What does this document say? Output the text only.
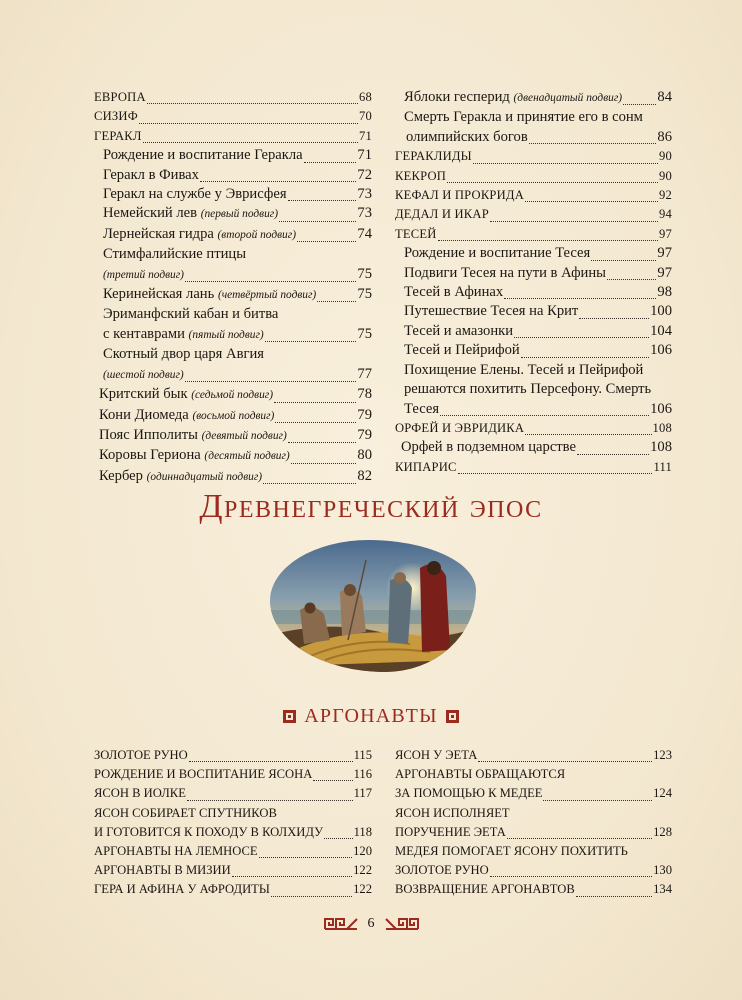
ЕВРОПА	68
СИЗИФ	70
ГЕРАКЛ	71
Рождение и воспитание Геракла	71
Геракл в Фивах	72
Геракл на службе у Эврисфея	73
Немейский лев (первый подвиг)	73
Лернейская гидра (второй подвиг)	74
Стимфалийские птицы
(третий подвиг)	75
Керинейская лань (четвёртый подвиг)	75
Эриманфский кабан и битва
с кентаврами (пятый подвиг)	75
Скотный двор царя Авгия
(шестой подвиг)	77
Критский бык (седьмой подвиг)	78
Кони Диомеда (восьмой подвиг)	79
Пояс Ипполиты (девятый подвиг)	79
Коровы Гериона (десятый подвиг)	80
Кербер (одиннадцатый подвиг)	82
Яблоки гесперид (двенадцатый подвиг) 84
Смерть Геракла и принятие его в сонм
олимпийских богов	86
ГЕРАКЛИДЫ	90
КЕКРОП	90
КЕФАЛ И ПРОКРИДА	92
ДЕДАЛ И ИКАР	94
ТЕСЕЙ	97
Рождение и воспитание Тесея	97
Подвиги Тесея на пути в Афины	97
Тесей в Афинах	98
Путешествие Тесея на Крит	100
Тесей и амазонки	104
Тесей и Пейрифой	106
Похищение Елены. Тесей и Пейрифой
решаются похитить Персефону. Смерть
Тесея	106
ОРФЕЙ И ЭВРИДИКА	108
Орфей в подземном царстве	108
КИПАРИС	111
Древнегреческий эпос
АРГОНАВТЫ
ЗОЛОТОЕ РУНО	115
РОЖДЕНИЕ И ВОСПИТАНИЕ ЯСОНА	116
ЯСОН В ИОЛКЕ	117
ЯСОН СОБИРАЕТ СПУТНИКОВ
И ГОТОВИТСЯ К ПОХОДУ В КОЛХИДУ 118
АРГОНАВТЫ НА ЛЕМНОСЕ	120
АРГОНАВТЫ В МИЗИИ	122
ГЕРА И АФИНА У АФРОДИТЫ	122
ЯСОН У ЭЕТА	123
АРГОНАВТЫ ОБРАЩАЮТСЯ
ЗА ПОМОЩЬЮ К МЕДЕЕ	124
ЯСОН ИСПОЛНЯЕТ
ПОРУЧЕНИЕ ЭЕТА	128
МЕДЕЯ ПОМОГАЕТ ЯСОНУ ПОХИТИТЬ
ЗОЛОТОЕ РУНО	130
ВОЗВРАЩЕНИЕ АРГОНАВТОВ	134
6
